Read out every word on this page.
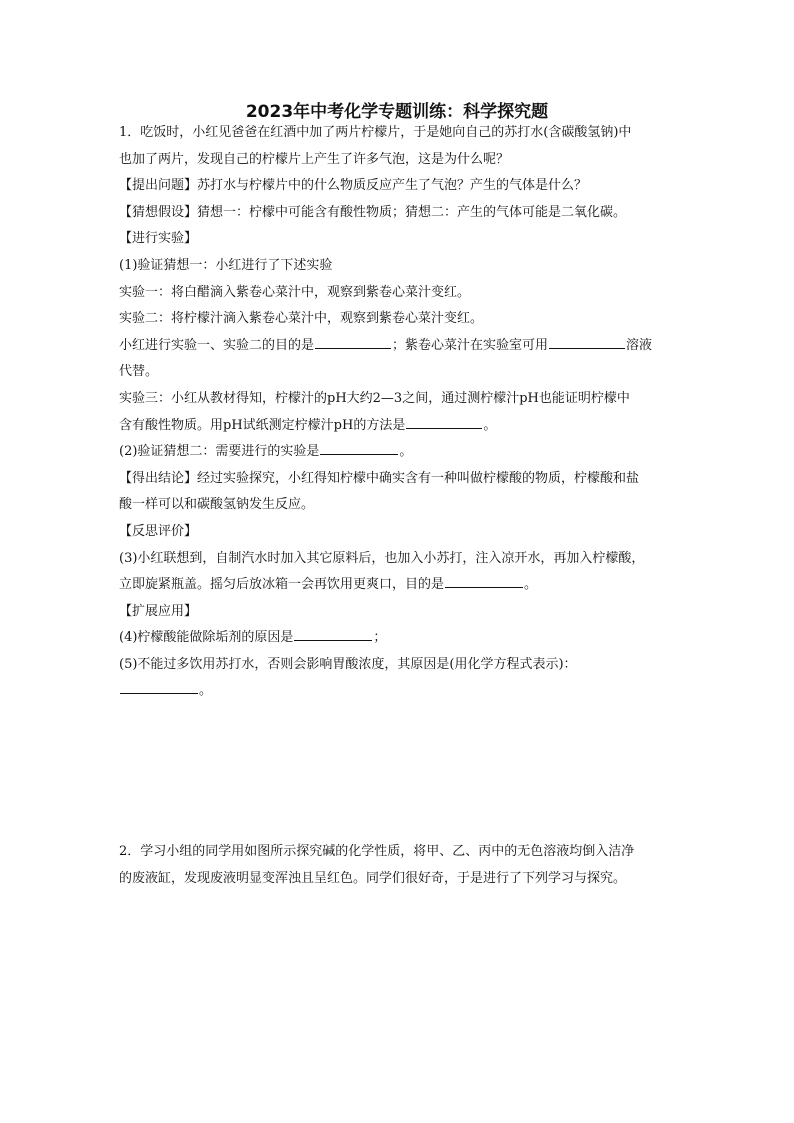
2023年中考化学专题训练：科学探究题
1．吃饭时，小红见爸爸在红酒中加了两片柠檬片，于是她向自己的苏打水(含碳酸氢钠)中
也加了两片，发现自己的柠檬片上产生了许多气泡，这是为什么呢？
【提出问题】苏打水与柠檬片中的什么物质反应产生了气泡？产生的气体是什么？
【猜想假设】猜想一：柠檬中可能含有酸性物质；猜想二：产生的气体可能是二氧化碳。
【进行实验】
(1)验证猜想一：小红进行了下述实验
实验一：将白醋滴入紫卷心菜汁中，观察到紫卷心菜汁变红。
实验二：将柠檬汁滴入紫卷心菜汁中，观察到紫卷心菜汁变红。
小红进行实验一、实验二的目的是	；紫卷心菜汁在实验室可用	溶液
代替。
实验三：小红从教材得知，柠檬汁的pH大约2—3之间，通过测柠檬汁pH也能证明柠檬中
含有酸性物质。用pH试纸测定柠檬汁pH的方法是	。
(2)验证猜想二：需要进行的实验是	。
【得出结论】经过实验探究，小红得知柠檬中确实含有一种叫做柠檬酸的物质，柠檬酸和盐
酸一样可以和碳酸氢钠发生反应。
【反思评价】
(3)小红联想到，自制汽水时加入其它原料后，也加入小苏打，注入凉开水，再加入柠檬酸，
立即旋紧瓶盖。摇匀后放冰箱一会再饮用更爽口，目的是	。
【扩展应用】
(4)柠檬酸能做除垢剂的原因是	；
(5)不能过多饮用苏打水，否则会影响胃酸浓度，其原因是(用化学方程式表示)：
。
2．学习小组的同学用如图所示探究碱的化学性质，将甲、乙、丙中的无色溶液均倒入洁净
的废液缸，发现废液明显变浑浊且呈红色。同学们很好奇，于是进行了下列学习与探究。
